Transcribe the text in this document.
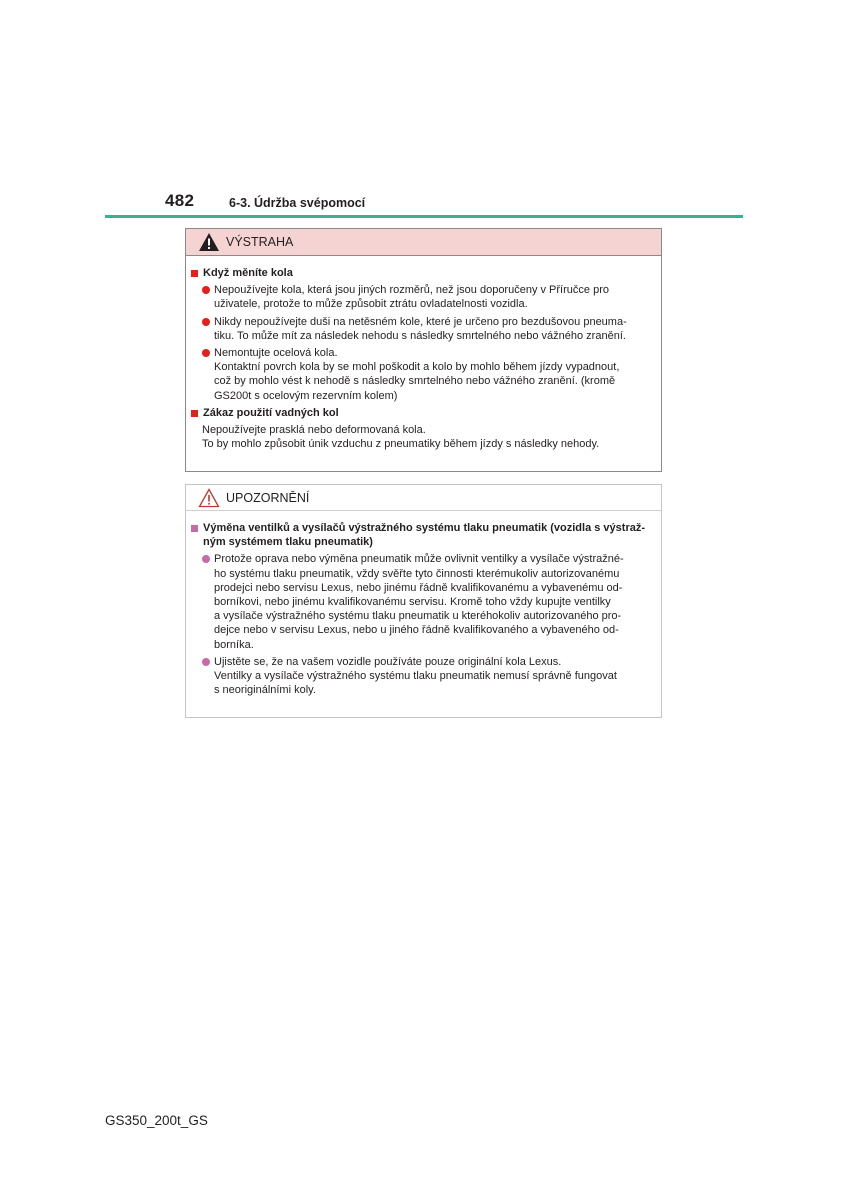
482	6-3. Údržba svépomocí
VÝSTRAHA
Když měníte kola
Nepoužívejte kola, která jsou jiných rozměrů, než jsou doporučeny v Příručce pro
uživatele, protože to může způsobit ztrátu ovladatelnosti vozidla.
Nikdy nepoužívejte duši na netěsném kole, které je určeno pro bezdušovou pneuma-
tiku. To může mít za následek nehodu s následky smrtelného nebo vážného zranění.
Nemontujte ocelová kola.
Kontaktní povrch kola by se mohl poškodit a kolo by mohlo během jízdy vypadnout,
což by mohlo vést k nehodě s následky smrtelného nebo vážného zranění. (kromě
GS200t s ocelovým rezervním kolem)
Zákaz použití vadných kol
Nepoužívejte prasklá nebo deformovaná kola.
To by mohlo způsobit únik vzduchu z pneumatiky během jízdy s následky nehody.
UPOZORNĚNÍ
Výměna ventilků a vysílačů výstražného systému tlaku pneumatik (vozidla s výstraž-
ným systémem tlaku pneumatik)
Protože oprava nebo výměna pneumatik může ovlivnit ventilky a vysílače výstražné-
ho systému tlaku pneumatik, vždy svěřte tyto činnosti kterémukoliv autorizovanému
prodejci nebo servisu Lexus, nebo jinému řádně kvalifikovanému a vybavenému od-
borníkovi, nebo jinému kvalifikovanému servisu. Kromě toho vždy kupujte ventilky
a vysílače výstražného systému tlaku pneumatik u kteréhokoliv autorizovaného pro-
dejce nebo v servisu Lexus, nebo u jiného řádně kvalifikovaného a vybaveného od-
borníka.
Ujistěte se, že na vašem vozidle používáte pouze originální kola Lexus.
Ventilky a vysílače výstražného systému tlaku pneumatik nemusí správně fungovat
s neoriginálními koly.
GS350_200t_GS
